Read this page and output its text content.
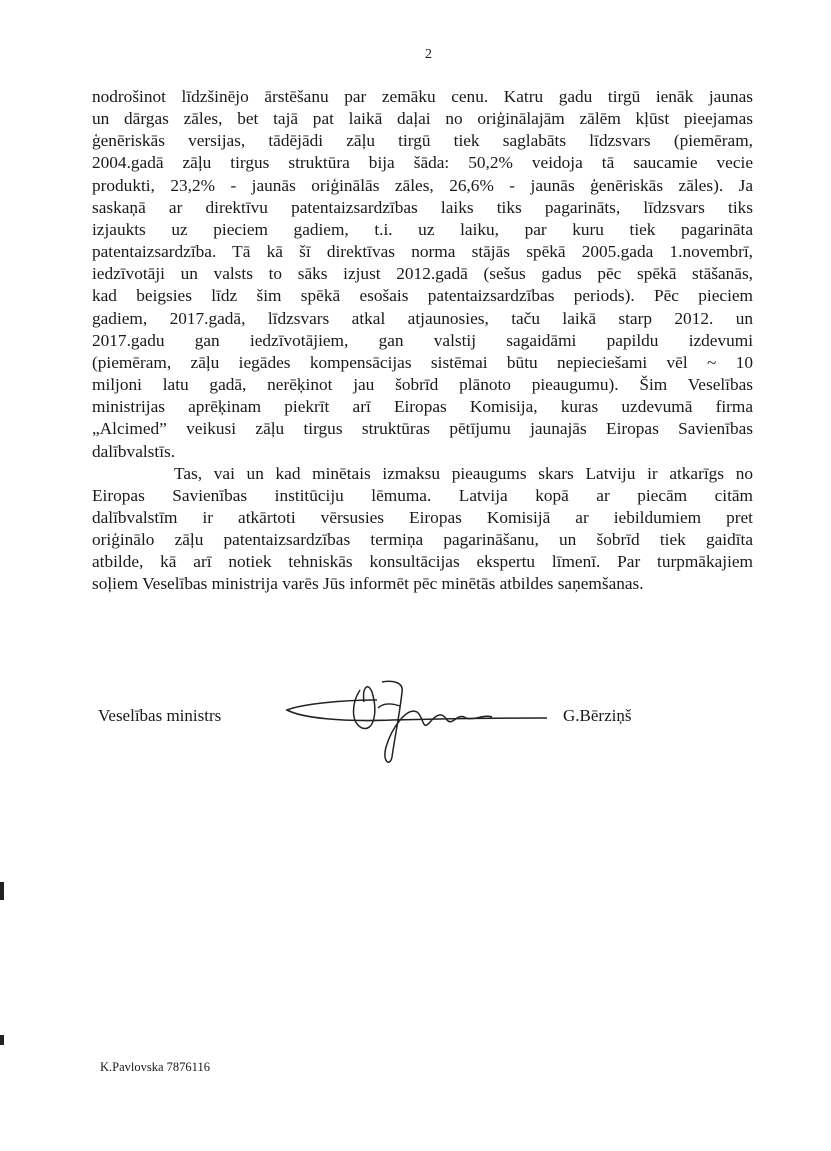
2
nodrošinot līdzšinējo ārstēšanu par zemāku cenu. Katru gadu tirgū ienāk jaunas
un dārgas zāles, bet tajā pat laikā daļai no oriģinālajām zālēm kļūst pieejamas
ģenēriskās versijas, tādējādi zāļu tirgū tiek saglabāts līdzsvars (piemēram,
2004.gadā zāļu tirgus struktūra bija šāda: 50,2% veidoja tā saucamie vecie
produkti, 23,2% - jaunās oriģinālās zāles, 26,6% - jaunās ģenēriskās zāles). Ja
saskaņā ar direktīvu patentaizsardzības laiks tiks pagarināts, līdzsvars tiks
izjaukts uz pieciem gadiem, t.i. uz laiku, par kuru tiek pagarināta
patentaizsardzība. Tā kā šī direktīvas norma stājās spēkā 2005.gada 1.novembrī,
iedzīvotāji un valsts to sāks izjust 2012.gadā (sešus gadus pēc spēkā stāšanās,
kad beigsies līdz šim spēkā esošais patentaizsardzības periods). Pēc pieciem
gadiem, 2017.gadā, līdzsvars atkal atjaunosies, taču laikā starp 2012. un
2017.gadu gan iedzīvotājiem, gan valstij sagaidāmi papildu izdevumi
(piemēram, zāļu iegādes kompensācijas sistēmai būtu nepieciešami vēl ~ 10
miljoni latu gadā, nerēķinot jau šobrīd plānoto pieaugumu). Šim Veselības
ministrijas aprēķinam piekrīt arī Eiropas Komisija, kuras uzdevumā firma
„Alcimed” veikusi zāļu tirgus struktūras pētījumu jaunajās Eiropas Savienības
dalībvalstīs.
Tas, vai un kad minētais izmaksu pieaugums skars Latviju ir atkarīgs no
Eiropas Savienības institūciju lēmuma. Latvija kopā ar piecām citām
dalībvalstīm ir atkārtoti vērsusies Eiropas Komisijā ar iebildumiem pret
oriģinālo zāļu patentaizsardzības termiņa pagarināšanu, un šobrīd tiek gaidīta
atbilde, kā arī notiek tehniskās konsultācijas ekspertu līmenī. Par turpmākajiem
soļiem Veselības ministrija varēs Jūs informēt pēc minētās atbildes saņemšanas.
Veselības ministrs	G.Bērziņš
K.Pavlovska 7876116
